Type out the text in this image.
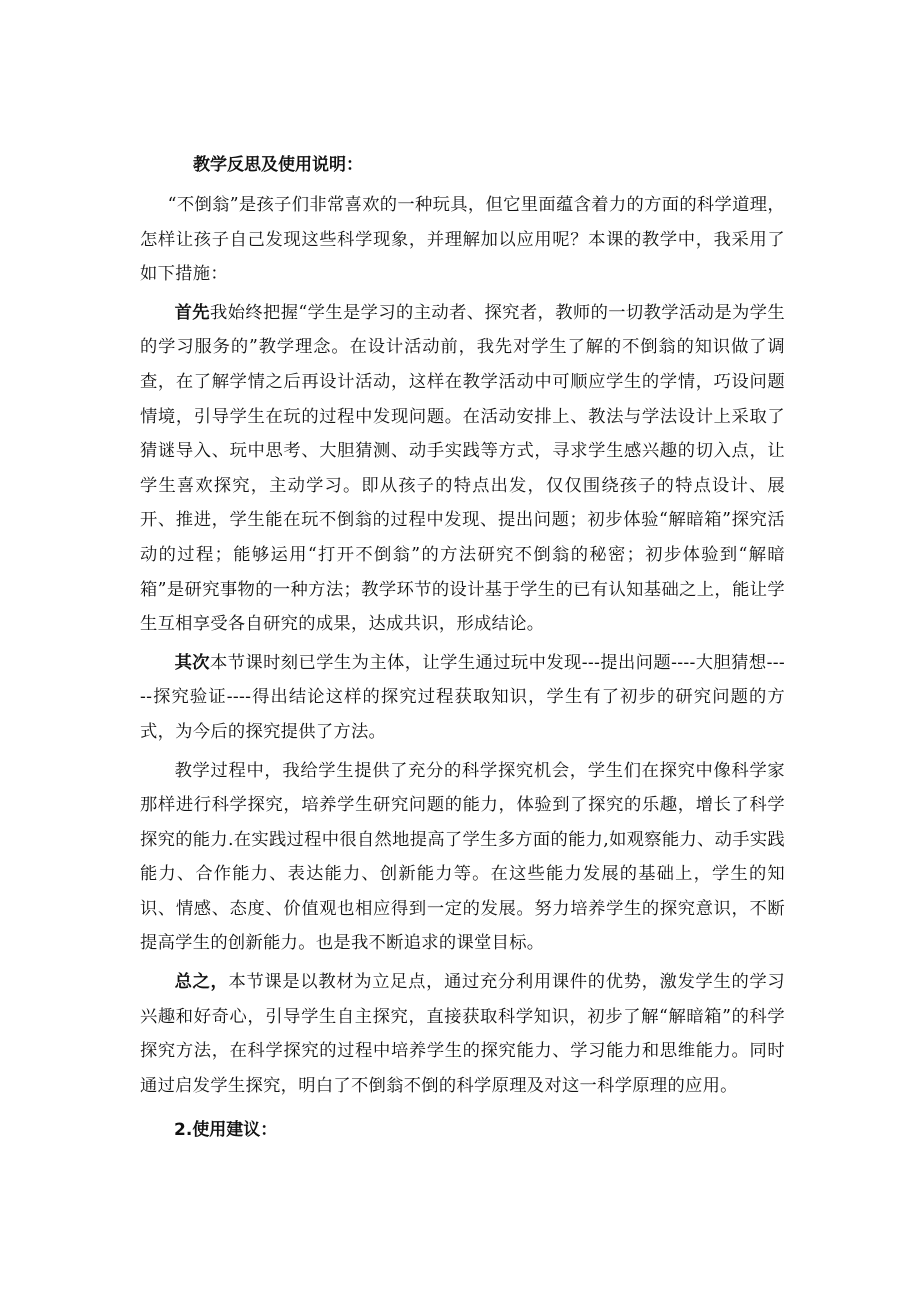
教学反思及使用说明：

“不倒翁”是孩子们非常喜欢的一种玩具，但它里面蕴含着力的方面的科学道理，怎样让孩子自己发现这些科学现象，并理解加以应用呢？本课的教学中，我采用了如下措施：

首先我始终把握“学生是学习的主动者、探究者，教师的一切教学活动是为学生的学习服务的”教学理念。在设计活动前，我先对学生了解的不倒翁的知识做了调查，在了解学情之后再设计活动，这样在教学活动中可顺应学生的学情，巧设问题情境，引导学生在玩的过程中发现问题。在活动安排上、教法与学法设计上采取了猜谜导入、玩中思考、大胆猜测、动手实践等方式，寻求学生感兴趣的切入点，让学生喜欢探究，主动学习。即从孩子的特点出发，仅仅围绕孩子的特点设计、展开、推进，学生能在玩不倒翁的过程中发现、提出问题；初步体验“解暗箱”探究活动的过程；能够运用“打开不倒翁”的方法研究不倒翁的秘密；初步体验到“解暗箱”是研究事物的一种方法；教学环节的设计基于学生的已有认知基础之上，能让学生互相享受各自研究的成果，达成共识，形成结论。

其次本节课时刻已学生为主体，让学生通过玩中发现---提出问题----大胆猜想-----探究验证----得出结论这样的探究过程获取知识，学生有了初步的研究问题的方式，为今后的探究提供了方法。

教学过程中，我给学生提供了充分的科学探究机会，学生们在探究中像科学家那样进行科学探究，培养学生研究问题的能力，体验到了探究的乐趣，增长了科学探究的能力.在实践过程中很自然地提高了学生多方面的能力,如观察能力、动手实践能力、合作能力、表达能力、创新能力等。在这些能力发展的基础上，学生的知识、情感、态度、价值观也相应得到一定的发展。努力培养学生的探究意识，不断提高学生的创新能力。也是我不断追求的课堂目标。

总之，本节课是以教材为立足点，通过充分利用课件的优势，激发学生的学习兴趣和好奇心，引导学生自主探究，直接获取科学知识，初步了解“解暗箱”的科学探究方法，在科学探究的过程中培养学生的探究能力、学习能力和思维能力。同时通过启发学生探究，明白了不倒翁不倒的科学原理及对这一科学原理的应用。

2.使用建议：
